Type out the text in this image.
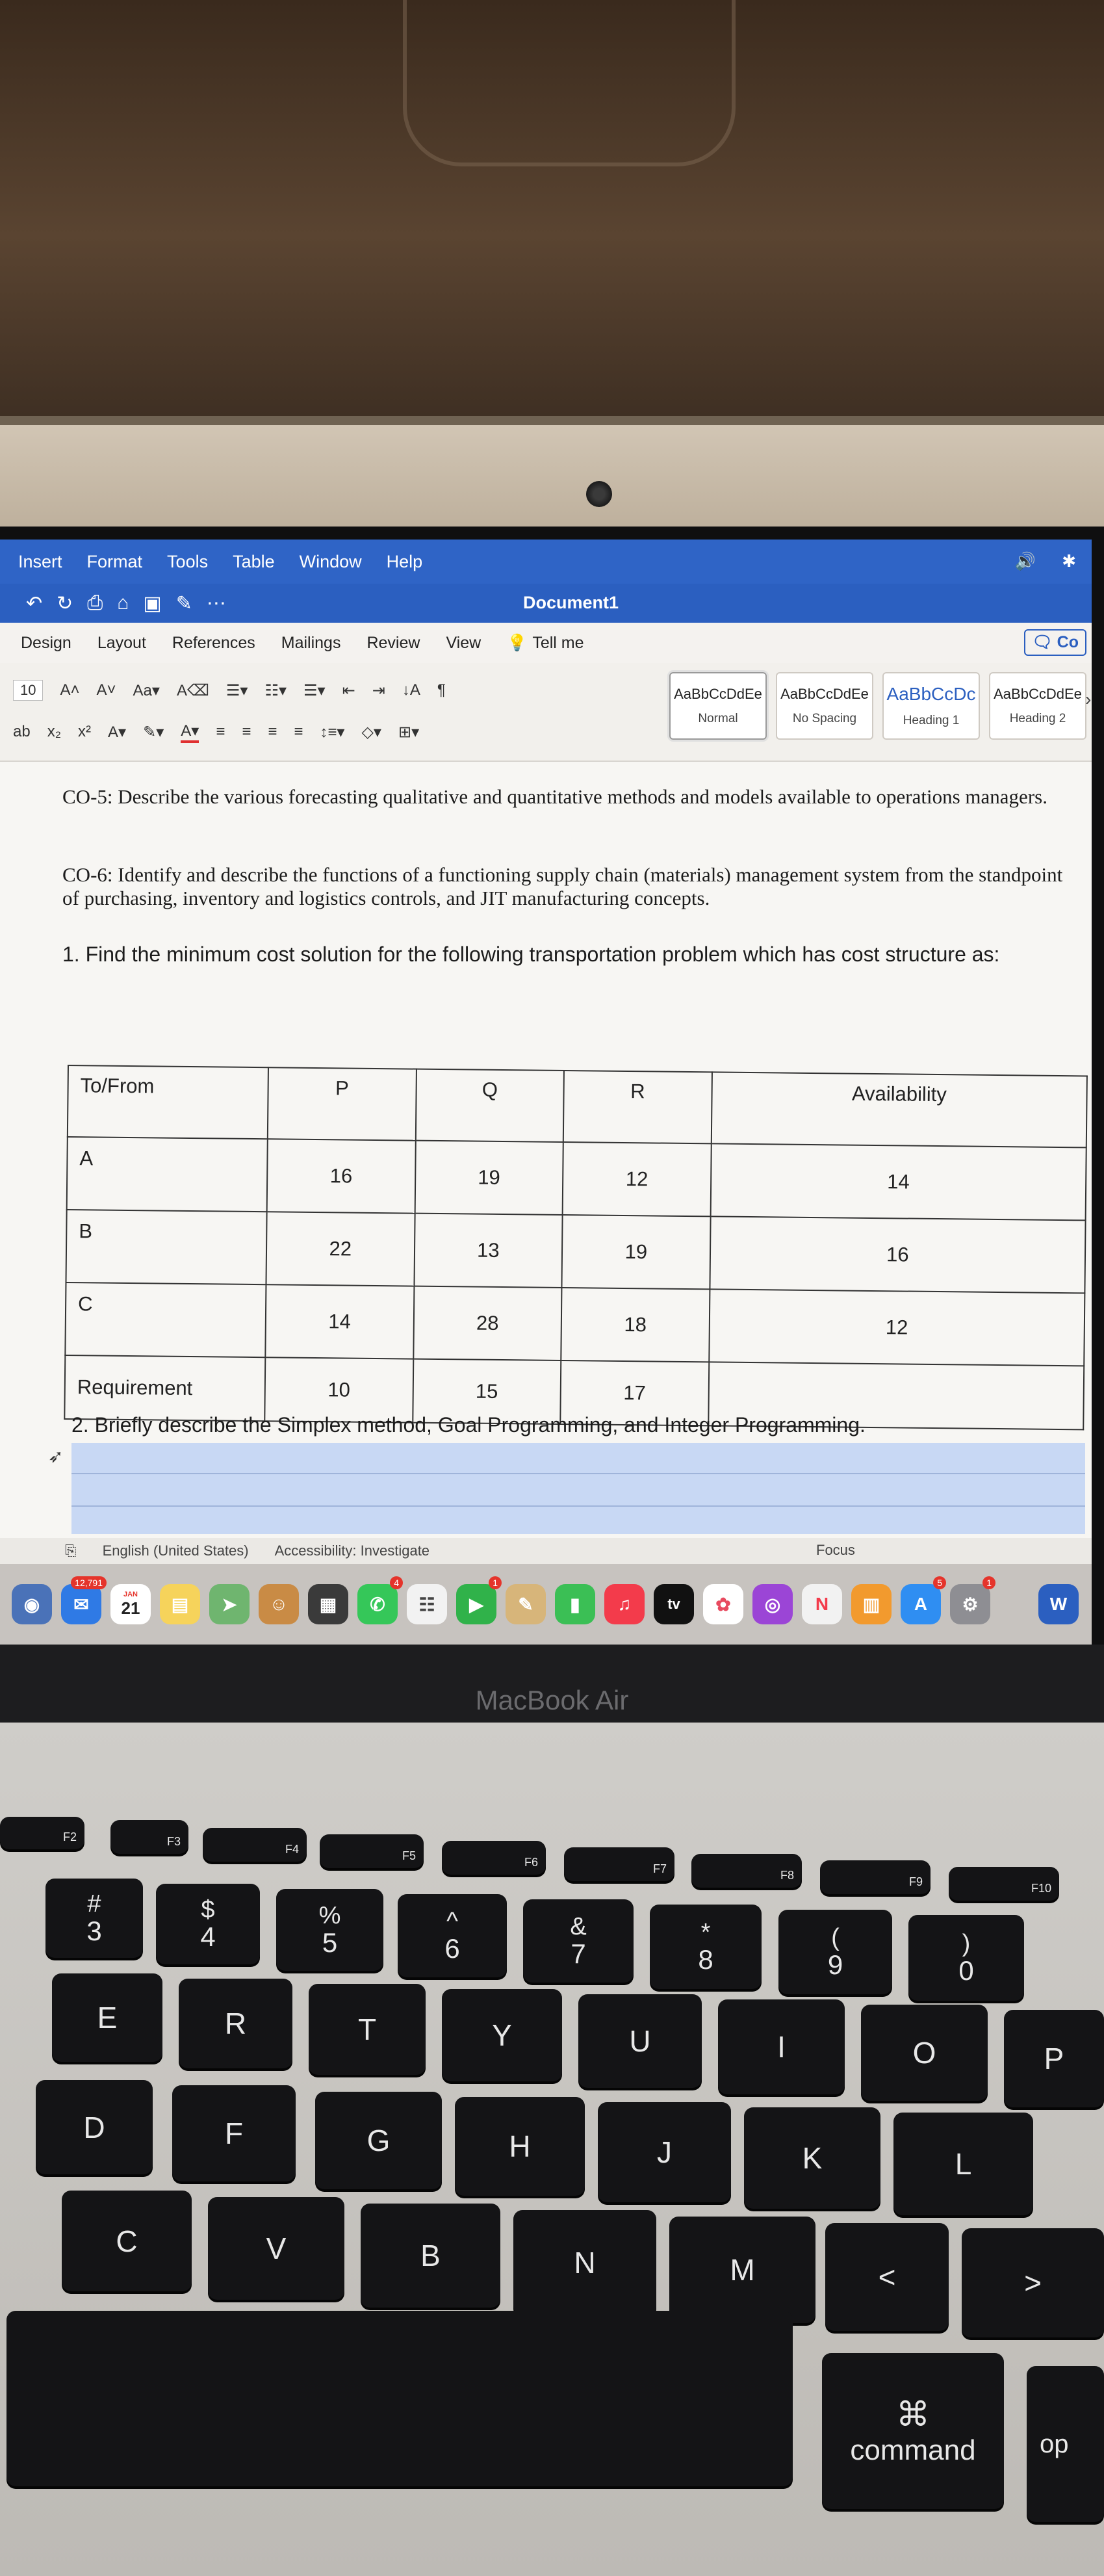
Insert Format Tools Table Window Help	🔊 ✱
↶ ↻ ⎙ ⌂ ▣ ✎ ⋯	Document1
Design Layout References Mailings Review View 💡 Tell me	🗨 Co
10	A˄ A˅ Aa▾ A⌫ ☰▾ ☷▾ ☰▾ ⇤ ⇥ ↓A ¶
ab x₂ x² A▾ ✎▾ A▾ ≡ ≡ ≡ ≡ ↕≡▾ ◇▾ ⊞▾
AaBbCcDdEe
Normal
AaBbCcDdEe
No Spacing
AaBbCcDc
Heading 1
AaBbCcDdEe
Heading 2
›
CO-5: Describe the various forecasting qualitative and quantitative methods and models available to operations managers.
CO-6: Identify and describe the functions of a functioning supply chain (materials) management system from the standpoint of purchasing, inventory and logistics controls, and JIT manufacturing concepts.
1. Find the minimum cost solution for the following transportation problem which has cost structure as:
To/From	P	Q	R	Availability
A	16	19	12	14
B	22	13	19	16
C	14	28	18	12
Requirement	10	15	17	
2. Briefly describe the Simplex method, Goal Programming, and Integer Programming.
➶
⎘ English (United States) Accessibility: Investigate	Focus
◉	✉
12,791
JAN
21	▤	➤	☺	▦	✆
4
☷	▶
1
✎	▮	♫	tv	✿	◎	N	▥	A
5
⚙
1
W
MacBook Air
F2	F3
F4	F5	F6	F7	F8	F9	F10
#
3
$
4
%
5
^
6
&
7
*
8
(
9
)
0
E	R	T	Y	U	I	O	P
D	F	G	H	J	K	L
C	V	B	N	M	<	>
⌘
command op
